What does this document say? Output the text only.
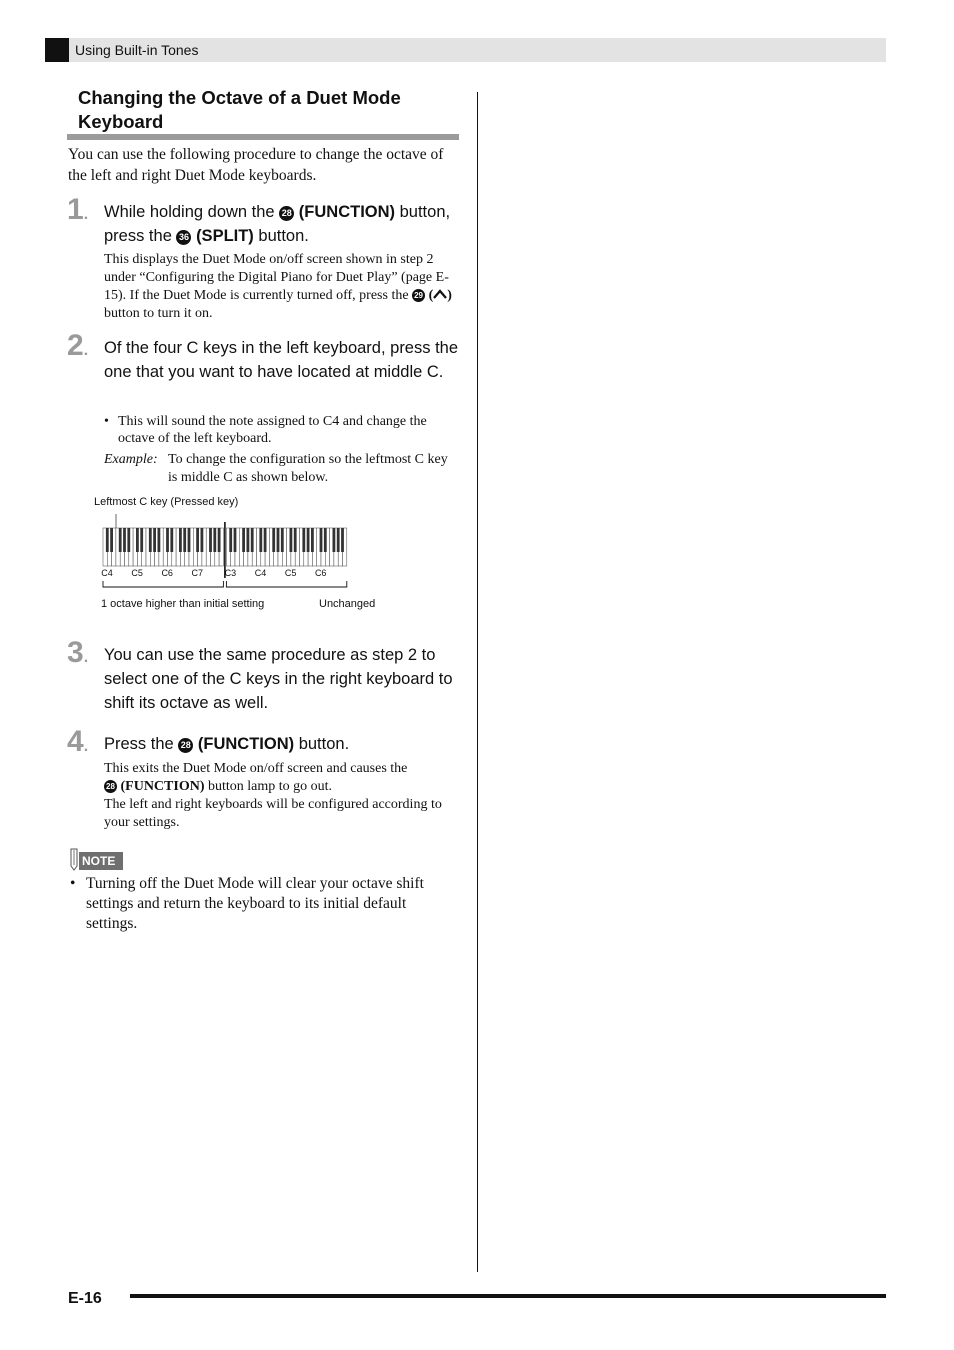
Using Built-in Tones
Changing the Octave of a Duet Mode Keyboard
You can use the following procedure to change the octave of the left and right Duet Mode keyboards.
1. While holding down the 28 (FUNCTION) button, press the 36 (SPLIT) button.
This displays the Duet Mode on/off screen shown in step 2 under “Configuring the Digital Piano for Duet Play” (page E-15). If the Duet Mode is currently turned off, press the 29 ( ) button to turn it on.
2. Of the four C keys in the left keyboard, press the one that you want to have located at middle C.
• This will sound the note assigned to C4 and change the octave of the left keyboard.
Example: To change the configuration so the leftmost C key is middle C as shown below.
Leftmost C key (Pressed key)
C4 C5 C6 C7 C3 C4 C5 C6
1 octave higher than initial setting	Unchanged
3. You can use the same procedure as step 2 to select one of the C keys in the right keyboard to shift its octave as well.
4. Press the 28 (FUNCTION) button.
This exits the Duet Mode on/off screen and causes the
28 (FUNCTION) button lamp to go out.
The left and right keyboards will be configured according to your settings.
NOTE
• Turning off the Duet Mode will clear your octave shift settings and return the keyboard to its initial default settings.
E-16
